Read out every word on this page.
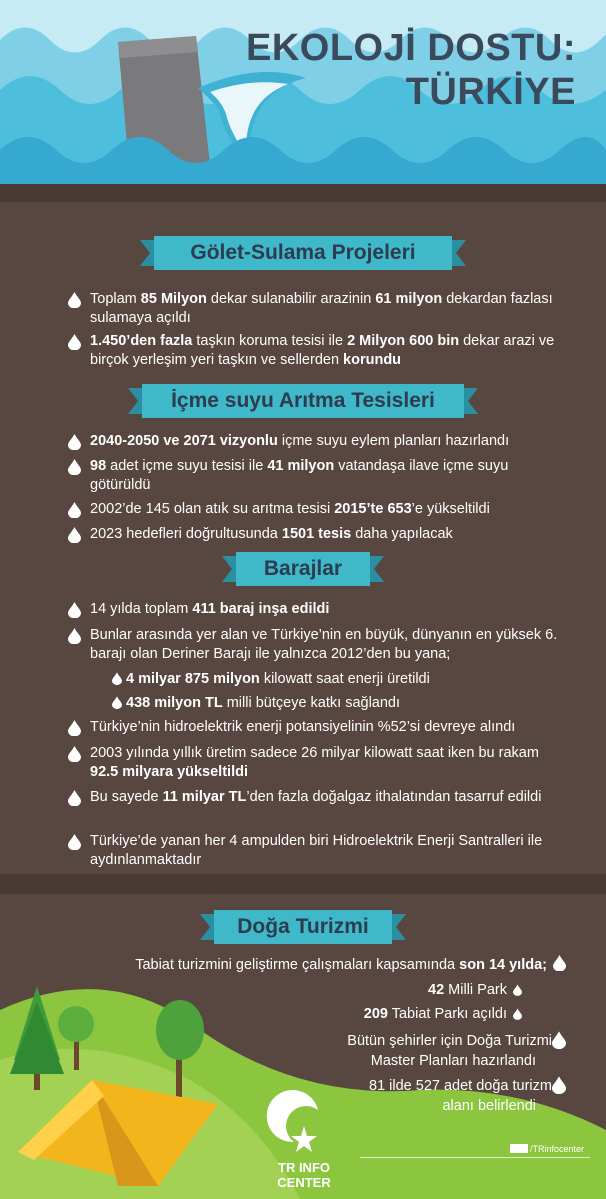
EKOLOJİ DOSTU:
TÜRKİYE
Gölet-Sulama Projeleri
Toplam 85 Milyon dekar sulanabilir arazinin 61 milyon dekardan fazlası sulamaya açıldı
1.450’den fazla taşkın koruma tesisi ile 2 Milyon 600 bin dekar arazi ve birçok yerleşim yeri taşkın ve sellerden korundu
İçme suyu Arıtma Tesisleri
2040-2050 ve 2071 vizyonlu içme suyu eylem planları hazırlandı
98 adet içme suyu tesisi ile 41 milyon vatandaşa ilave içme suyu götürüldü
2002’de 145 olan atık su arıtma tesisi 2015’te 653’e yükseltildi
2023 hedefleri doğrultusunda 1501 tesis daha yapılacak
Barajlar
14 yılda toplam 411 baraj inşa edildi
Bunlar arasında yer alan ve Türkiye’nin en büyük, dünyanın en yüksek 6. barajı olan Deriner Barajı ile yalnızca 2012’den bu yana;
4 milyar 875 milyon kilowatt saat enerji üretildi
438 milyon TL milli bütçeye katkı sağlandı
Türkiye’nin hidroelektrik enerji potansiyelinin %52’si devreye alındı
2003 yılında yıllık üretim sadece 26 milyar kilowatt saat iken bu rakam 92.5 milyara yükseltildi
Bu sayede 11 milyar TL’den fazla doğalgaz ithalatından tasarruf edildi
Türkiye’de yanan her 4 ampulden biri Hidroelektrik Enerji Santralleri ile aydınlanmaktadır
Doğa Turizmi
Tabiat turizmini geliştirme çalışmaları kapsamında son 14 yılda;
42 Milli Park
209 Tabiat Parkı açıldı
Bütün şehirler için Doğa Turizmi
Master Planları hazırlandı
81 ilde 527 adet doğa turizm
alanı belirlendi
/TRinfocenter
TR INFO
CENTER
